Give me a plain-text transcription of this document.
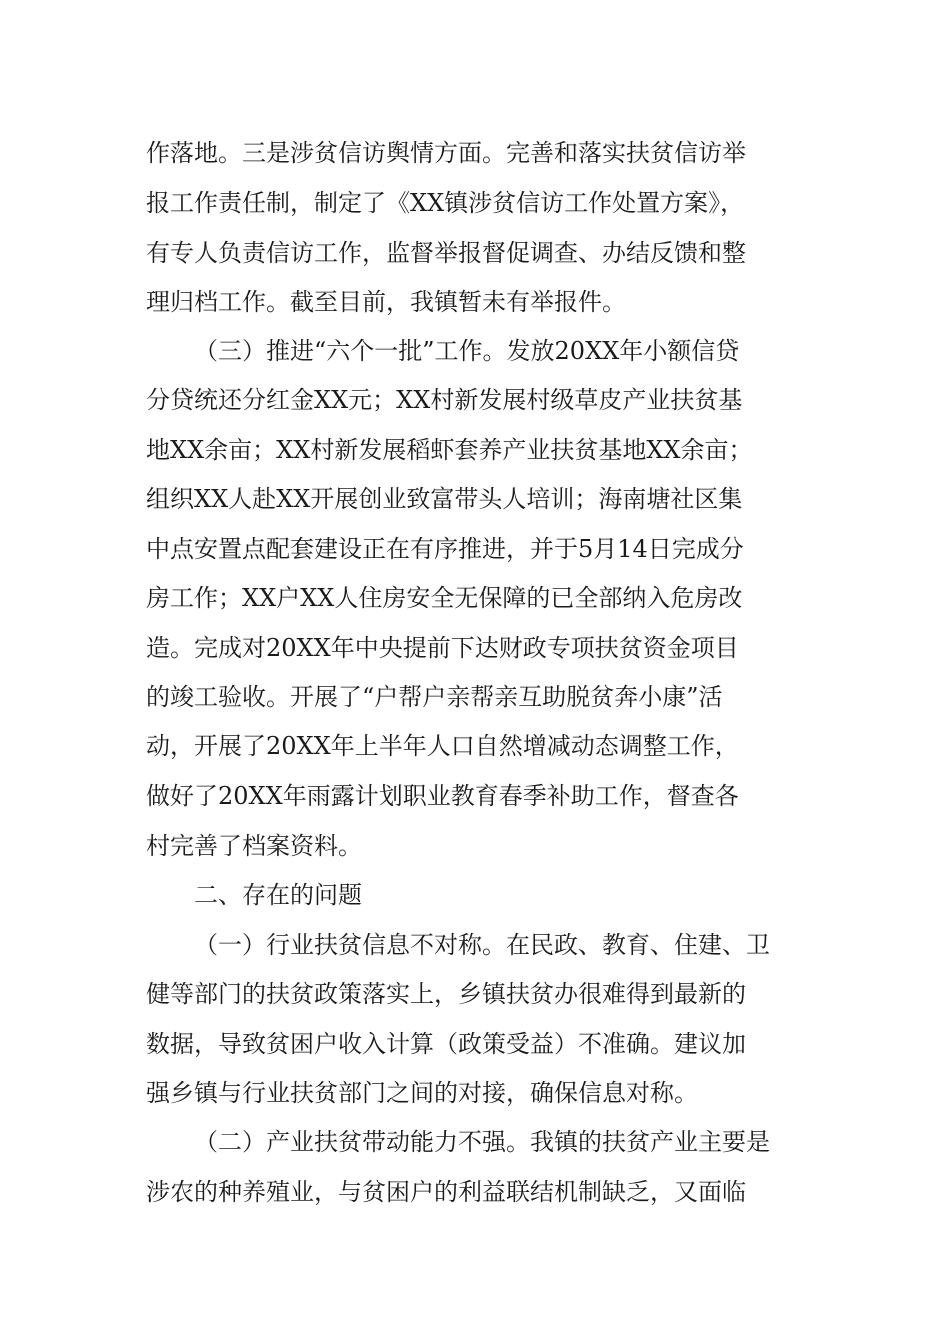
作落地。三是涉贫信访舆情方面。完善和落实扶贫信访举
报工作责任制，制定了《XX镇涉贫信访工作处置方案》，
有专人负责信访工作，监督举报督促调查、办结反馈和整
理归档工作。截至目前，我镇暂未有举报件。
（三）推进“六个一批”工作。发放20XX年小额信贷
分贷统还分红金XX元；XX村新发展村级草皮产业扶贫基
地XX余亩；XX村新发展稻虾套养产业扶贫基地XX余亩；
组织XX人赴XX开展创业致富带头人培训；海南塘社区集
中点安置点配套建设正在有序推进，并于5月14日完成分
房工作；XX户XX人住房安全无保障的已全部纳入危房改
造。完成对20XX年中央提前下达财政专项扶贫资金项目
的竣工验收。开展了“户帮户亲帮亲互助脱贫奔小康”活
动，开展了20XX年上半年人口自然增减动态调整工作，
做好了20XX年雨露计划职业教育春季补助工作，督查各
村完善了档案资料。
二、存在的问题
（一）行业扶贫信息不对称。在民政、教育、住建、卫
健等部门的扶贫政策落实上，乡镇扶贫办很难得到最新的
数据，导致贫困户收入计算（政策受益）不准确。建议加
强乡镇与行业扶贫部门之间的对接，确保信息对称。
（二）产业扶贫带动能力不强。我镇的扶贫产业主要是
涉农的种养殖业，与贫困户的利益联结机制缺乏，又面临
